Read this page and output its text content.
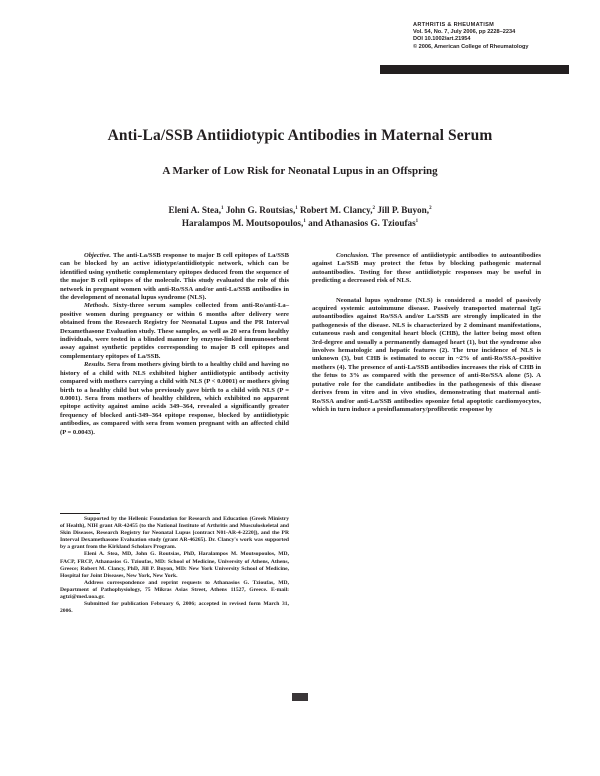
ARTHRITIS & RHEUMATISM
Vol. 54, No. 7, July 2006, pp 2228–2234
DOI 10.1002/art.21954
© 2006, American College of Rheumatology
Anti-La/SSB Antiidiotypic Antibodies in Maternal Serum
A Marker of Low Risk for Neonatal Lupus in an Offspring
Eleni A. Stea,$^1$ John G. Routsias,$^1$ Robert M. Clancy,$^2$ Jill P. Buyon,$^2$
Haralampos M. Moutsopoulos,$^1$ and Athanasios G. Tzioufas$^1$

Objective. The anti-La/SSB response to major B cell epitopes of La/SSB can be blocked by an active idiotype/antiidiotypic network, which can be identified using synthetic complementary epitopes deduced from the sequence of the major B cell epitopes of the molecule. This study evaluated the role of this network in pregnant women with anti-Ro/SSA and/or anti-La/SSB antibodies in the development of neonatal lupus syndrome (NLS).

Methods. Sixty-three serum samples collected from anti-Ro/anti-La–positive women during pregnancy or within 6 months after delivery were obtained from the Research Registry for Neonatal Lupus and the PR Interval Dexamethasone Evaluation study. These samples, as well as 20 sera from healthy individuals, were tested in a blinded manner by enzyme-linked immunosorbent assay against synthetic peptides corresponding to major B cell epitopes and complementary epitopes of La/SSB.

Results. Sera from mothers giving birth to a healthy child and having no history of a child with NLS exhibited higher antiidiotypic antibody activity compared with mothers carrying a child with NLS (P < 0.0001) or mothers giving birth to a healthy child but who previously gave birth to a child with NLS (P = 0.0001). Sera from mothers of healthy children, which exhibited no apparent epitope activity against amino acids 349–364, revealed a significantly greater frequency of blocked anti-349–364 epitope response, blocked by antiidiotypic antibodies, as compared with sera from women pregnant with an affected child (P = 0.0043).

Conclusion. The presence of antiidiotypic antibodies to autoantibodies against La/SSB may protect the fetus by blocking pathogenic maternal autoantibodies. Testing for these antiidiotypic responses may be useful in predicting a decreased risk of NLS.

Neonatal lupus syndrome (NLS) is considered a model of passively acquired systemic autoimmune disease. Passively transported maternal IgG autoantibodies against Ro/SSA and/or La/SSB are strongly implicated in the pathogenesis of the disease. NLS is characterized by 2 dominant manifestations, cutaneous rash and congenital heart block (CHB), the latter being most often 3rd-degree and usually a permanently damaged heart (1), but the syndrome also involves hematologic and hepatic features (2). The true incidence of NLS is unknown (3), but CHB is estimated to occur in ~2% of anti-Ro/SSA–positive mothers (4). The presence of anti-La/SSB antibodies increases the risk of CHB in the fetus to 3% as compared with the presence of anti-Ro/SSA alone (5). A putative role for the candidate antibodies in the pathogenesis of this disease derives from in vitro and in vivo studies, demonstrating that maternal anti-Ro/SSA and/or anti-La/SSB antibodies opsonize fetal apoptotic cardiomyocytes, which in turn induce a proinflammatory/profibrotic response by

Supported by the Hellenic Foundation for Research and Education (Greek Ministry of Health), NIH grant AR-42455 (to the National Institute of Arthritis and Musculoskeletal and Skin Diseases, Research Registry for Neonatal Lupus [contract N01-AR-4-2220]), and the PR Interval Dexamethasone Evaluation study (grant AR-46265). Dr. Clancy's work was supported by a grant from the Kirkland Scholars Program.

Eleni A. Stea, MD, John G. Routsias, PhD, Haralampos M. Moutsopoulos, MD, FACP, FRCP, Athanasios G. Tzioufas, MD: School of Medicine, University of Athens, Athens, Greece; Robert M. Clancy, PhD, Jill P. Buyon, MD: New York University School of Medicine, Hospital for Joint Diseases, New York, New York.

Address correspondence and reprint requests to Athanasios G. Tzioufas, MD, Department of Pathophysiology, 75 Mikras Asias Street, Athens 11527, Greece. E-mail: agtzi@med.uoa.gr.

Submitted for publication February 6, 2006; accepted in revised form March 31, 2006.

2228
